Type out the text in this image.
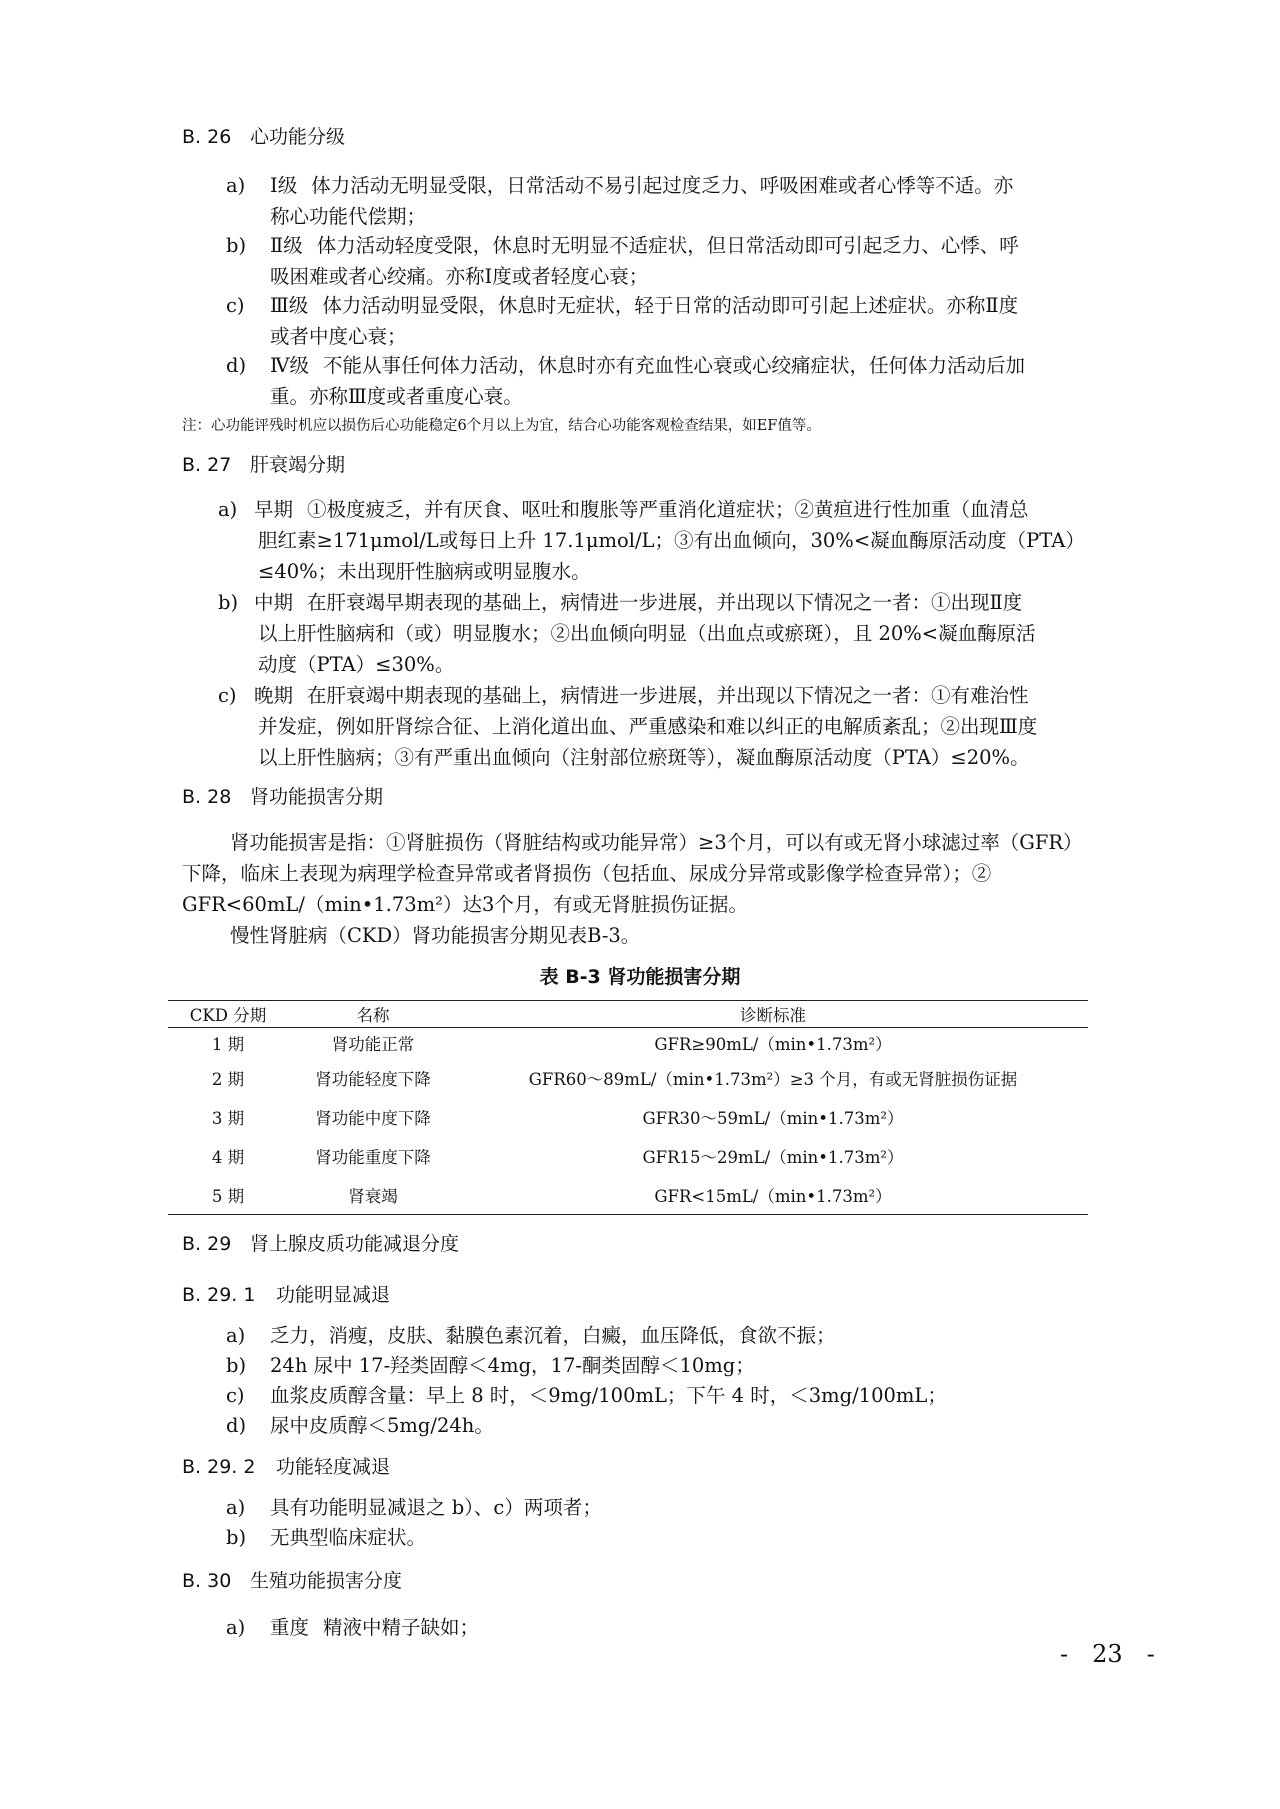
B. 26 心功能分级
a) Ⅰ级 体力活动无明显受限，日常活动不易引起过度乏力、呼吸困难或者心悸等不适。亦
称心功能代偿期；
b) Ⅱ级 体力活动轻度受限，休息时无明显不适症状，但日常活动即可引起乏力、心悸、呼
吸困难或者心绞痛。亦称Ⅰ度或者轻度心衰；
c) Ⅲ级 体力活动明显受限，休息时无症状，轻于日常的活动即可引起上述症状。亦称Ⅱ度
或者中度心衰；
d) Ⅳ级 不能从事任何体力活动，休息时亦有充血性心衰或心绞痛症状，任何体力活动后加
重。亦称Ⅲ度或者重度心衰。
注：心功能评残时机应以损伤后心功能稳定6个月以上为宜，结合心功能客观检查结果，如EF值等。
B. 27 肝衰竭分期
a) 早期 ①极度疲乏，并有厌食、呕吐和腹胀等严重消化道症状；②黄疸进行性加重（血清总
胆红素≥171μmol/L或每日上升 17.1μmol/L；③有出血倾向，30%<凝血酶原活动度（PTA）
≤40%；未出现肝性脑病或明显腹水。
b) 中期 在肝衰竭早期表现的基础上，病情进一步进展，并出现以下情况之一者：①出现Ⅱ度
以上肝性脑病和（或）明显腹水；②出血倾向明显（出血点或瘀斑），且 20%<凝血酶原活
动度（PTA）≤30%。
c) 晚期 在肝衰竭中期表现的基础上，病情进一步进展，并出现以下情况之一者：①有难治性
并发症，例如肝肾综合征、上消化道出血、严重感染和难以纠正的电解质紊乱；②出现Ⅲ度
以上肝性脑病；③有严重出血倾向（注射部位瘀斑等），凝血酶原活动度（PTA）≤20%。
B. 28 肾功能损害分期
肾功能损害是指：①肾脏损伤（肾脏结构或功能异常）≥3个月，可以有或无肾小球滤过率（GFR）
下降，临床上表现为病理学检查异常或者肾损伤（包括血、尿成分异常或影像学检查异常）；②
GFR<60mL/（min•1.73m²）达3个月，有或无肾脏损伤证据。
慢性肾脏病（CKD）肾功能损害分期见表B-3。
表 B-3 肾功能损害分期
CKD 分期	名称	诊断标准
1 期	肾功能正常	GFR≥90mL/（min•1.73m²）
2 期	肾功能轻度下降	GFR60～89mL/（min•1.73m²）≥3 个月，有或无肾脏损伤证据
3 期	肾功能中度下降	GFR30～59mL/（min•1.73m²）
4 期	肾功能重度下降	GFR15～29mL/（min•1.73m²）
5 期	肾衰竭	GFR<15mL/（min•1.73m²）
B. 29 肾上腺皮质功能减退分度
B. 29. 1 功能明显减退
a) 乏力，消瘦，皮肤、黏膜色素沉着，白癜，血压降低，食欲不振；
b) 24h 尿中 17-羟类固醇＜4mg，17-酮类固醇＜10mg；
c) 血浆皮质醇含量：早上 8 时，＜9mg/100mL；下午 4 时，＜3mg/100mL；
d) 尿中皮质醇＜5mg/24h。
B. 29. 2 功能轻度减退
a) 具有功能明显减退之 b）、c）两项者；
b) 无典型临床症状。
B. 30 生殖功能损害分度
a) 重度 精液中精子缺如；
- 23 -
